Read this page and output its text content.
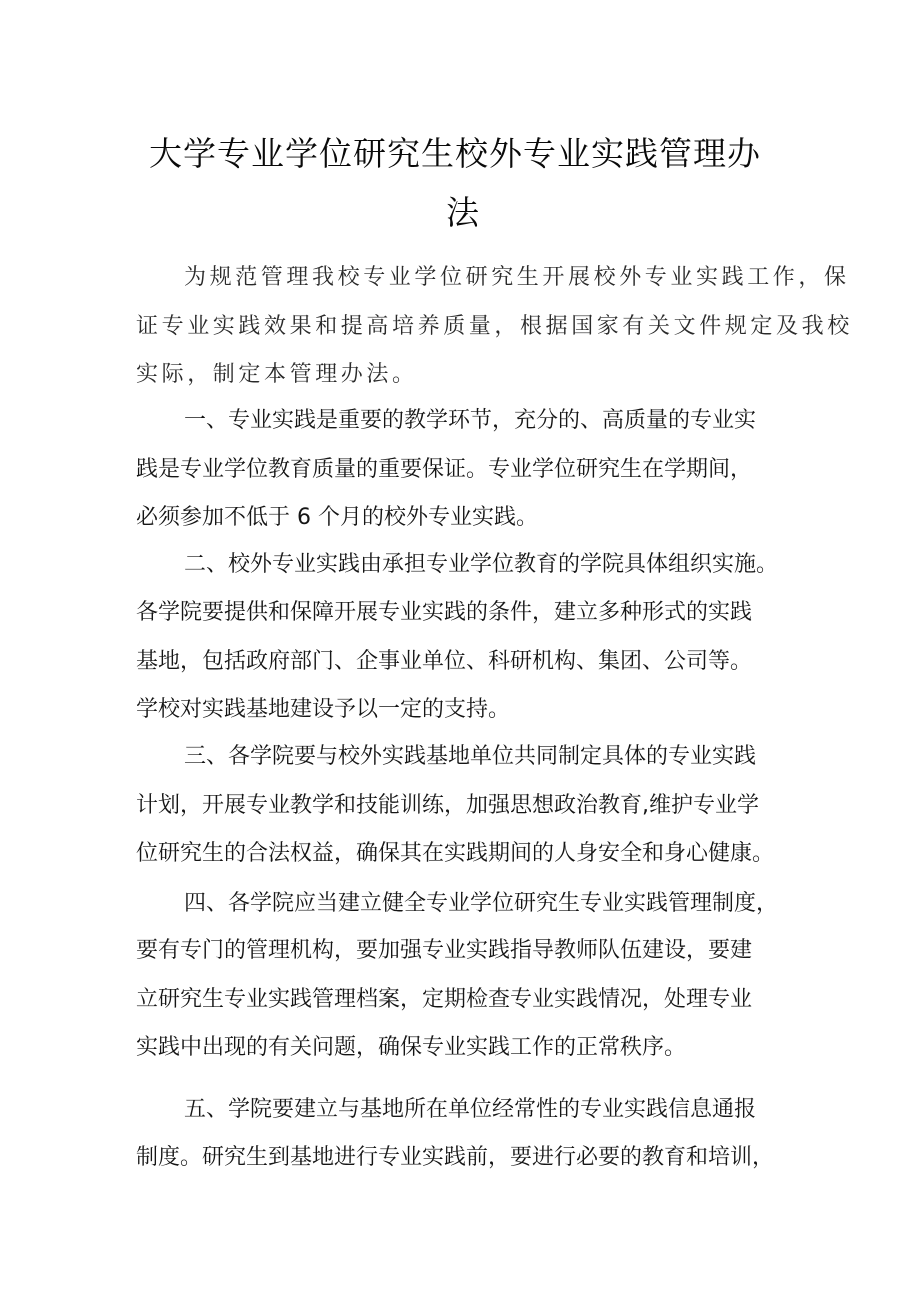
大学专业学位研究生校外专业实践管理办
法
为规范管理我校专业学位研究生开展校外专业实践工作，保
证专业实践效果和提高培养质量，根据国家有关文件规定及我校
实际，制定本管理办法。
一、专业实践是重要的教学环节，充分的、高质量的专业实
践是专业学位教育质量的重要保证。专业学位研究生在学期间，
必须参加不低于 6 个月的校外专业实践。
二、校外专业实践由承担专业学位教育的学院具体组织实施。
各学院要提供和保障开展专业实践的条件，建立多种形式的实践
基地，包括政府部门、企事业单位、科研机构、集团、公司等。
学校对实践基地建设予以一定的支持。
三、各学院要与校外实践基地单位共同制定具体的专业实践
计划，开展专业教学和技能训练，加强思想政治教育,维护专业学
位研究生的合法权益，确保其在实践期间的人身安全和身心健康。
四、各学院应当建立健全专业学位研究生专业实践管理制度，
要有专门的管理机构，要加强专业实践指导教师队伍建设，要建
立研究生专业实践管理档案，定期检查专业实践情况，处理专业
实践中出现的有关问题，确保专业实践工作的正常秩序。
五、学院要建立与基地所在单位经常性的专业实践信息通报
制度。研究生到基地进行专业实践前，要进行必要的教育和培训，
